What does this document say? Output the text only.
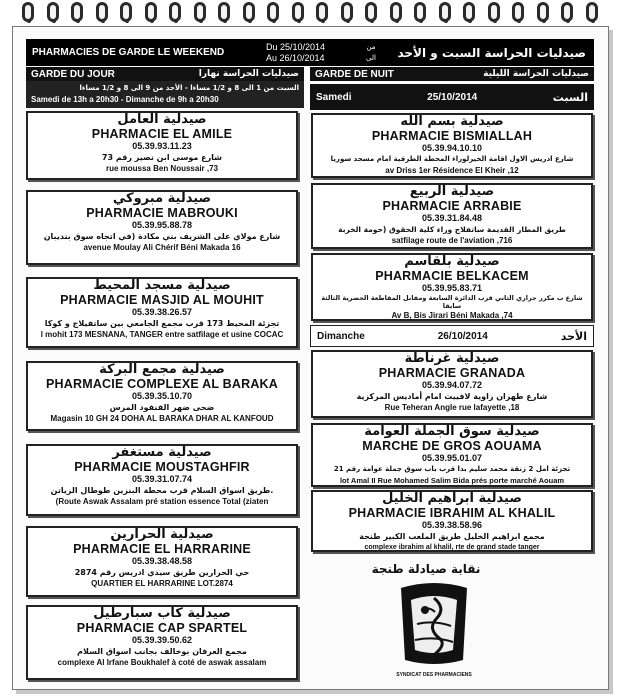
PHARMACIES DE GARDE LE WEEKEND
Du 25/10/2014
Au 26/10/2014
من
الى	صيدليات الحراسة السبت و الأحد
GARDE DU JOUR	صيدليات الحراسة نهارا
السبت من 1 الى 8 و 1/2 مساءا - الأحد من 9 الى 8 و 1/2 مساءا
Samedi de 13h a 20h30 - Dimanche de 9h a 20h30
GARDE DE NUIT	صيدليات الحراسة الليلية
Samedi	25/10/2014	السبت
Dimanche	26/10/2014	الأحد
صيدلية العامل
PHARMACIE EL AMILE
05.39.93.11.23
شارع موسى ابن نصير رقم 73
rue moussa Ben Noussair ,73
صيدلية مبروكي
PHARMACIE MABROUKI
05.39.95.88.78
شارع مولاي على الشريف بني مكادة (في اتجاه سوق بنديبان
avenue Moulay Ali Chérif Béni Makada 16
صيدلية مسجد المحيط
PHARMACIE MASJID AL MOUHIT
05.39.38.26.57
تجزئة المحيط 173 قرب مجمع الجامعي بين ساتفيلاج و كوكا
l mohit 173 MESNANA, TANGER entre satfilage et usine COCAC
صيدلية مجمع البركة
PHARMACIE COMPLEXE AL BARAKA
05.39.35.10.70
ضحى ضهر القنفود المرس
Magasin 10 GH 24 DOHA AL BARAKA DHAR AL KANFOUD
صيدلية مستغفر
PHARMACIE MOUSTAGHFIR
05.39.31.07.74
طريق اسواق السلام قرب محطة البنزين طوطال الزياتن.
(Route Aswak Assalam pré station essence Total (ziaten
صيدلية الحرارين
PHARMACIE EL HARRARINE
05.39.38.48.58
حي الحرارين طريق سيدي ادريس رقم 2874
QUARTIER EL HARRARINE LOT.2874
صيدلية كاب سبارطيل
PHARMACIE CAP SPARTEL
05.39.39.50.62
مجمع العرفان بوخالف بجانب اسواق السلام
complexe Al Irfane Boukhalef à coté de aswak assalam
صيدلية بسم الله
PHARMACIE BISMIALLAH
05.39.94.10.10
شارع ادريس الاول اقامة الخيرلوراء المحطة الطرقية امام مسجد سوريا
av Driss 1er Résidence El Kheir ,12
صيدلية الربيع
PHARMACIE ARRABIE
05.39.31.84.48
طريق المطار القديمة ساتفلاج وراء كلية الحقوق (حومة الخربة
satfilage route de l'aviation ,716
صيدلية بلقاسم
PHARMACIE BELKACEM
05.39.95.83.71
شارع ب مكرر جراري الثاني قرب الدائرة السابعة ومقابل المقاطعة الحضرية الثالثة سابقا
Av B, Bis Jirari Béni Makada ,74
صيدلية غرناطة
PHARMACIE GRANADA
05.39.94.07.72
شارع طهران زاوية لافييت امام أماديس المركزية
Rue Teheran Angle rue lafayette ,18
صيدلية سوق الجملة العوامة
MARCHE DE GROS AOUAMA
05.39.95.01.07
تجزئة امل 2 زنقة محمد سليم بدا قرب باب سوق جملة عوامة رقم 21
lot Amal II Rue Mohamed Salim Bida prés porte marché Aouam
صيدلية ابراهيم الخليل
PHARMACIE IBRAHIM AL KHALIL
05.39.38.58.96
مجمع ابراهيم الخليل طريق الملعب الكبير طنجة
complexe ibrahim al khalil, rte de grand stade tanger
نقابة صيادلة طنجة
SYNDICAT DES PHARMACIENS
